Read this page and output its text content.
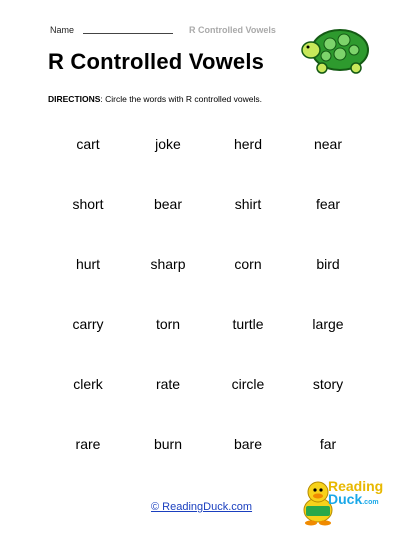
Name	R Controlled Vowels
R Controlled Vowels
DIRECTIONS: Circle the words with R controlled vowels.
cart	joke	herd	near
short	bear	shirt	fear
hurt	sharp	corn	bird
carry	torn	turtle	large
clerk	rate	circle	story
rare	burn	bare	far
© ReadingDuck.com
Reading
Duck.com
